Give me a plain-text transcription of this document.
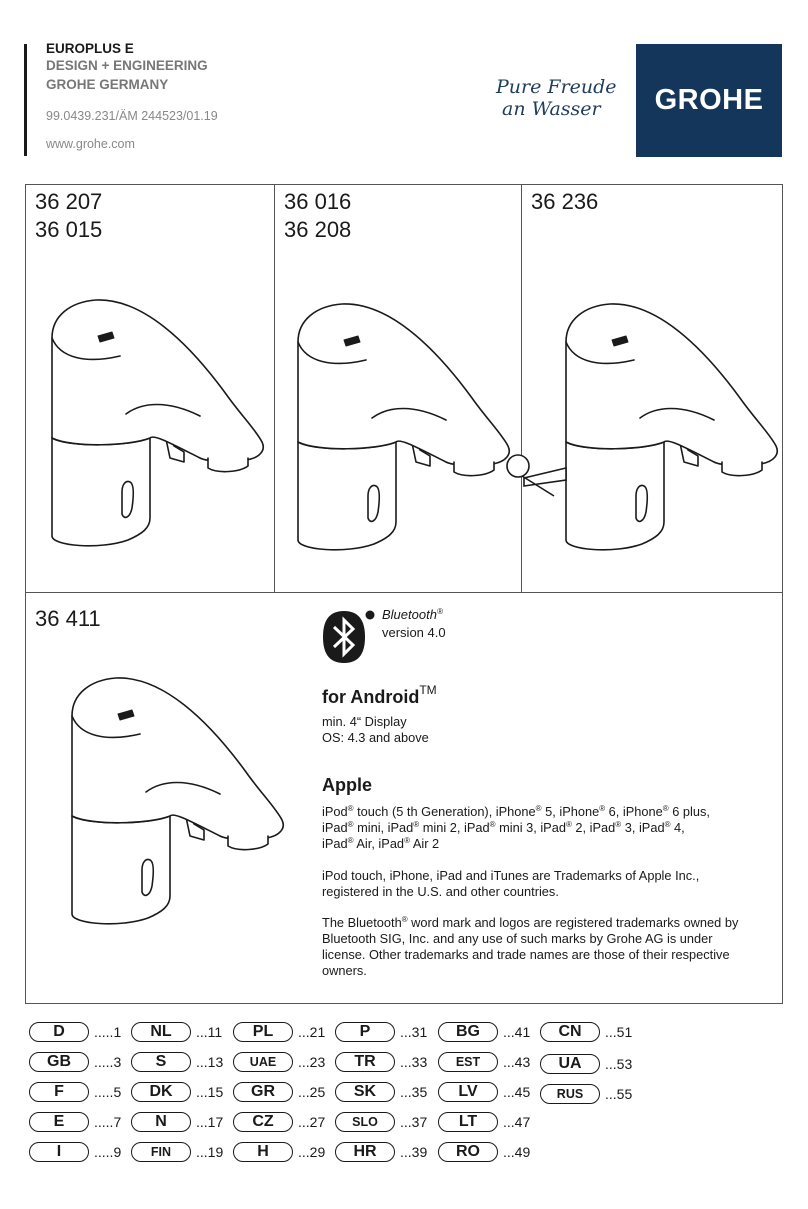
EUROPLUS E
DESIGN + ENGINEERING
GROHE GERMANY
99.0439.231/ÄM 244523/01.19
www.grohe.com
Pure Freude
an Wasser	GROHE
36 207
36 015
36 016
36 208
36 236
36 411	Bluetooth®
version 4.0
for Android™
min. 4“ Display
OS: 4.3 and above
Apple
iPod® touch (5 th Generation), iPhone® 5, iPhone® 6, iPhone® 6 plus,
iPad® mini, iPad® mini 2, iPad® mini 3, iPad® 2, iPad® 3, iPad® 4,
iPad® Air, iPad® Air 2
iPod touch, iPhone, iPad and iTunes are Trademarks of Apple Inc.,
registered in the U.S. and other countries.
The Bluetooth® word mark and logos are registered trademarks owned by
Bluetooth SIG, Inc. and any use of such marks by Grohe AG is under
license. Other trademarks and trade names are those of their respective
owners.
D	.....1
GB	.....3
F	.....5
E	.....7
I	.....9
NL	...11
S	...13
DK	...15
N	...17
FIN	...19
PL	...21
UAE	...23
GR	...25
CZ	...27
H	...29
P	...31
TR	...33
SK	...35
SLO	...37
HR	...39
BG	...41
EST	...43
LV	...45
LT	...47
RO	...49
CN	...51
UA	...53
RUS	...55
